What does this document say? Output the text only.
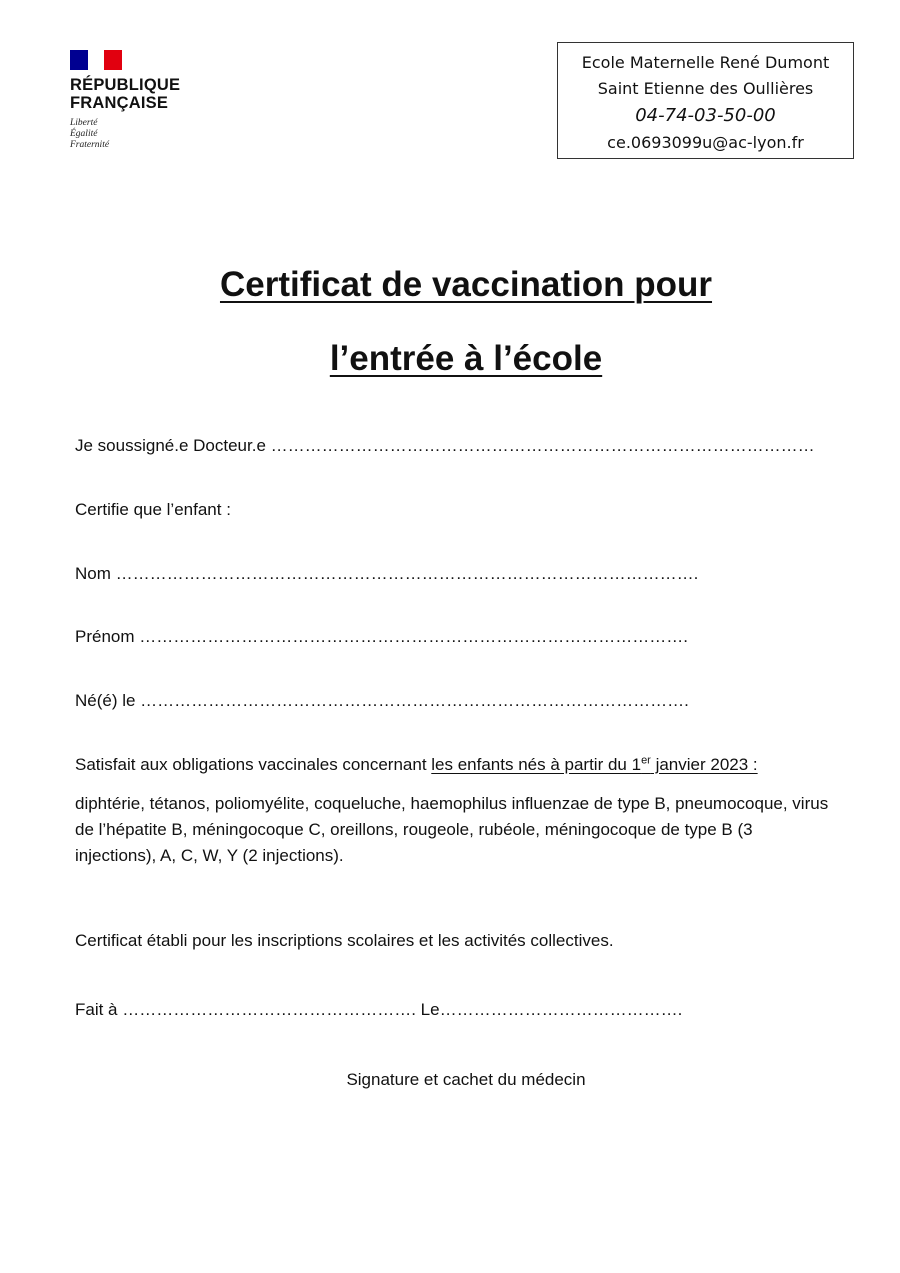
RÉPUBLIQUE
FRANÇAISE
Liberté
Égalité
Fraternité
Ecole Maternelle René Dumont
Saint Etienne des Oullières
04-74-03-50-00
ce.0693099u@ac-lyon.fr
Certificat de vaccination pour
l’entrée à l’école
Je soussigné.e Docteur.e ……………………………………………………………………………………
Certifie que l’enfant :
Nom ………………………………………………………………………………………….
Prénom …………………………………………………………………………………….
Né(é) le …………………………………………………………………………………….
Satisfait aux obligations vaccinales concernant les enfants nés à partir du 1er janvier 2023 :
diphtérie, tétanos, poliomyélite, coqueluche, haemophilus influenzae de type B, pneumocoque, virus de l’hépatite B, méningocoque C, oreillons, rougeole, rubéole, méningocoque de type B (3 injections), A, C, W, Y (2 injections).
Certificat établi pour les inscriptions scolaires et les activités collectives.
Fait à ……………………………………………. Le…………………………………….
Signature et cachet du médecin
